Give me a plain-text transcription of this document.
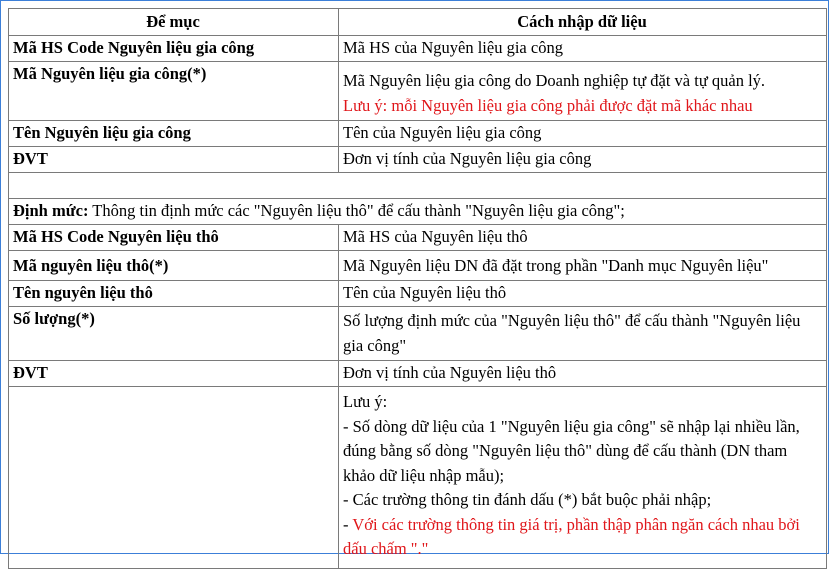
Để mục	Cách nhập dữ liệu
Mã HS Code Nguyên liệu gia công	Mã HS của Nguyên liệu gia công
Mã Nguyên liệu gia công(*)	Mã Nguyên liệu gia công do Doanh nghiệp tự đặt và tự quản lý.
Lưu ý: mỗi Nguyên liệu gia công phải được đặt mã khác nhau

Tên Nguyên liệu gia công	Tên của Nguyên liệu gia công
ĐVT	Đơn vị tính của Nguyên liệu gia công

Định mức: Thông tin định mức các "Nguyên liệu thô" để cấu thành "Nguyên liệu gia công";	
Mã HS Code Nguyên liệu thô	Mã HS của Nguyên liệu thô
Mã nguyên liệu thô(*)	Mã Nguyên liệu DN đã đặt trong phần "Danh mục Nguyên liệu"
Tên nguyên liệu thô	Tên của Nguyên liệu thô
Số lượng(*)	Số lượng định mức của "Nguyên liệu thô" để cấu thành "Nguyên liệu gia công"
ĐVT	Đơn vị tính của Nguyên liệu thô

	Lưu ý:
- Số dòng dữ liệu của 1 "Nguyên liệu gia công" sẽ nhập lại nhiều lần, đúng bằng số dòng "Nguyên liệu thô" dùng để cấu thành (DN tham khảo dữ liệu nhập mẫu);
- Các trường thông tin đánh dấu (*) bắt buộc phải nhập;
- Với các trường thông tin giá trị, phần thập phân ngăn cách nhau bởi dấu chấm "."
